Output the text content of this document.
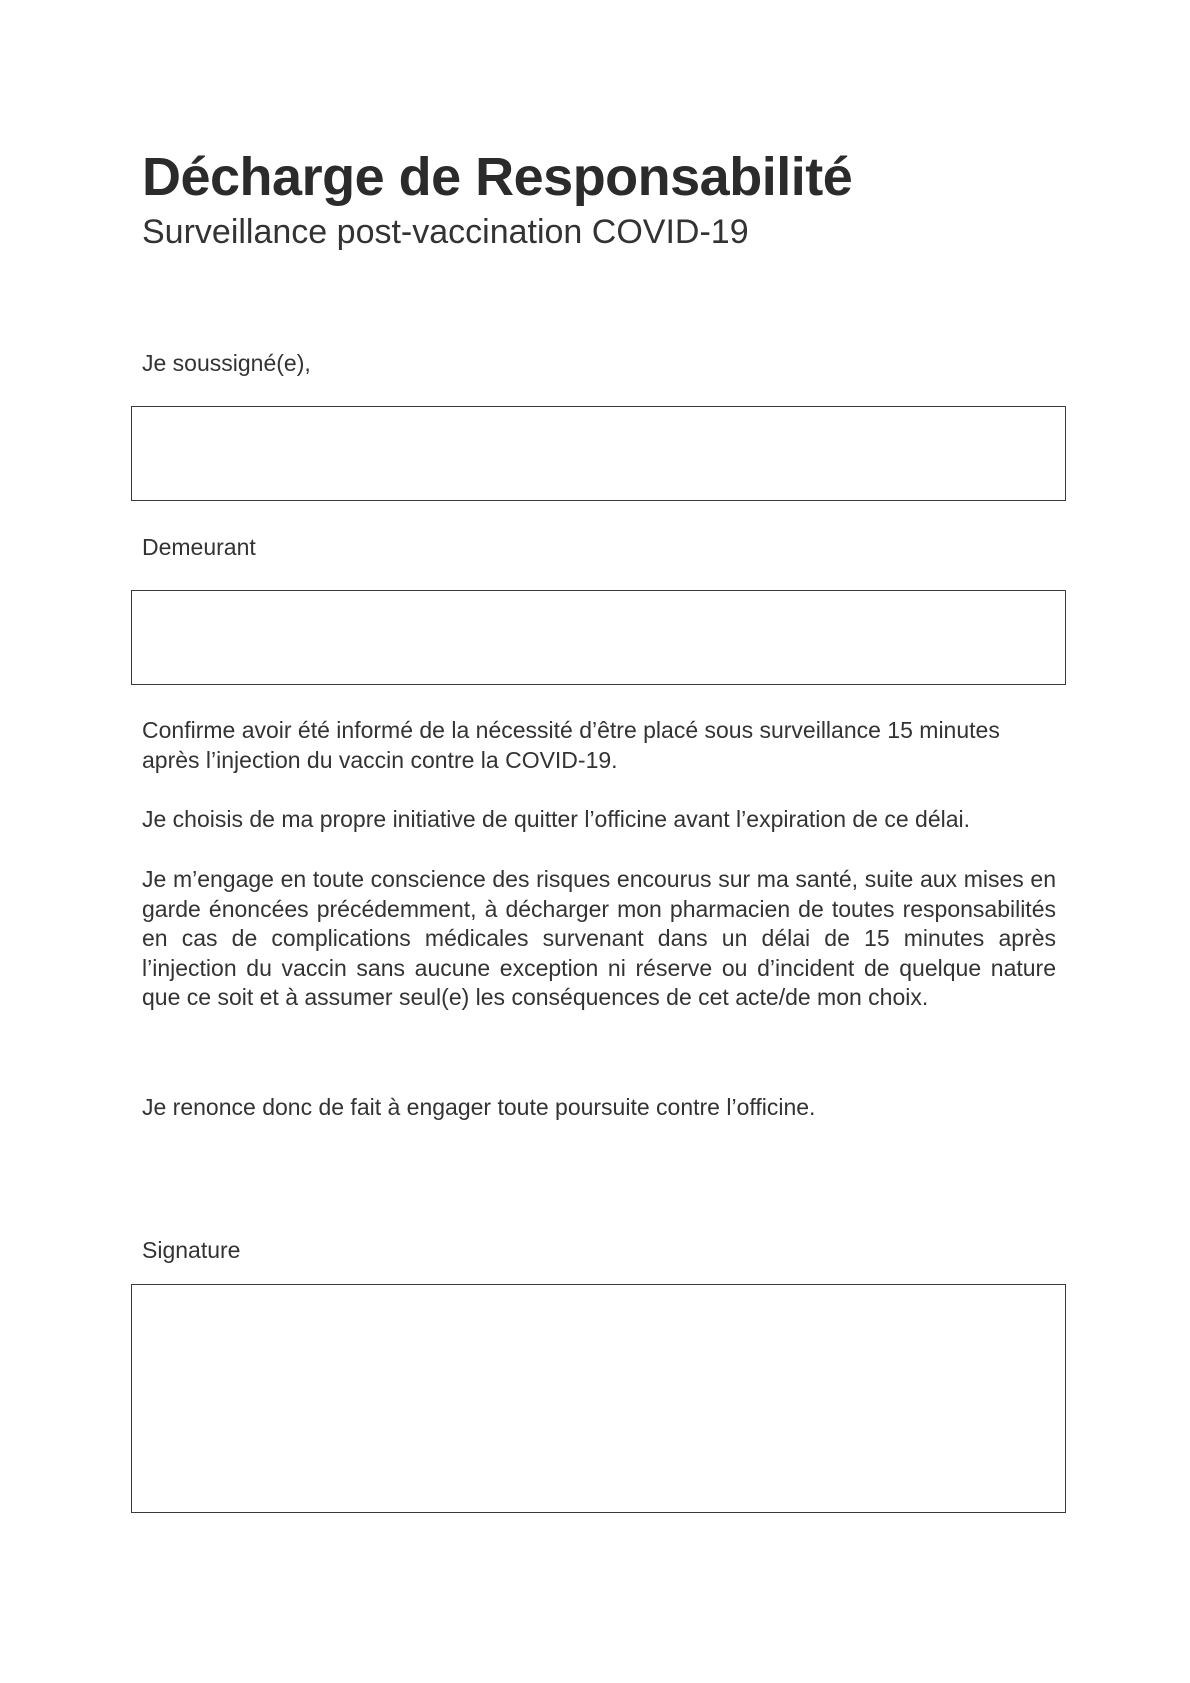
Décharge de Responsabilité
Surveillance post-vaccination COVID-19

Je soussigné(e),

Demeurant

Confirme avoir été informé de la nécessité d’être placé sous surveillance 15 minutes après l’injection du vaccin contre la COVID-19.

Je choisis de ma propre initiative de quitter l’officine avant l’expiration de ce délai.

Je m’engage en toute conscience des risques encourus sur ma santé, suite aux mises en garde énoncées précédemment, à décharger mon pharmacien de toutes responsabilités en cas de complications médicales survenant dans un délai de 15 minutes après l’injection du vaccin sans aucune exception ni réserve ou d’incident de quelque nature que ce soit et à assumer seul(e) les conséquences de cet acte/de mon choix.

Je renonce donc de fait à engager toute poursuite contre l’officine.

Signature
